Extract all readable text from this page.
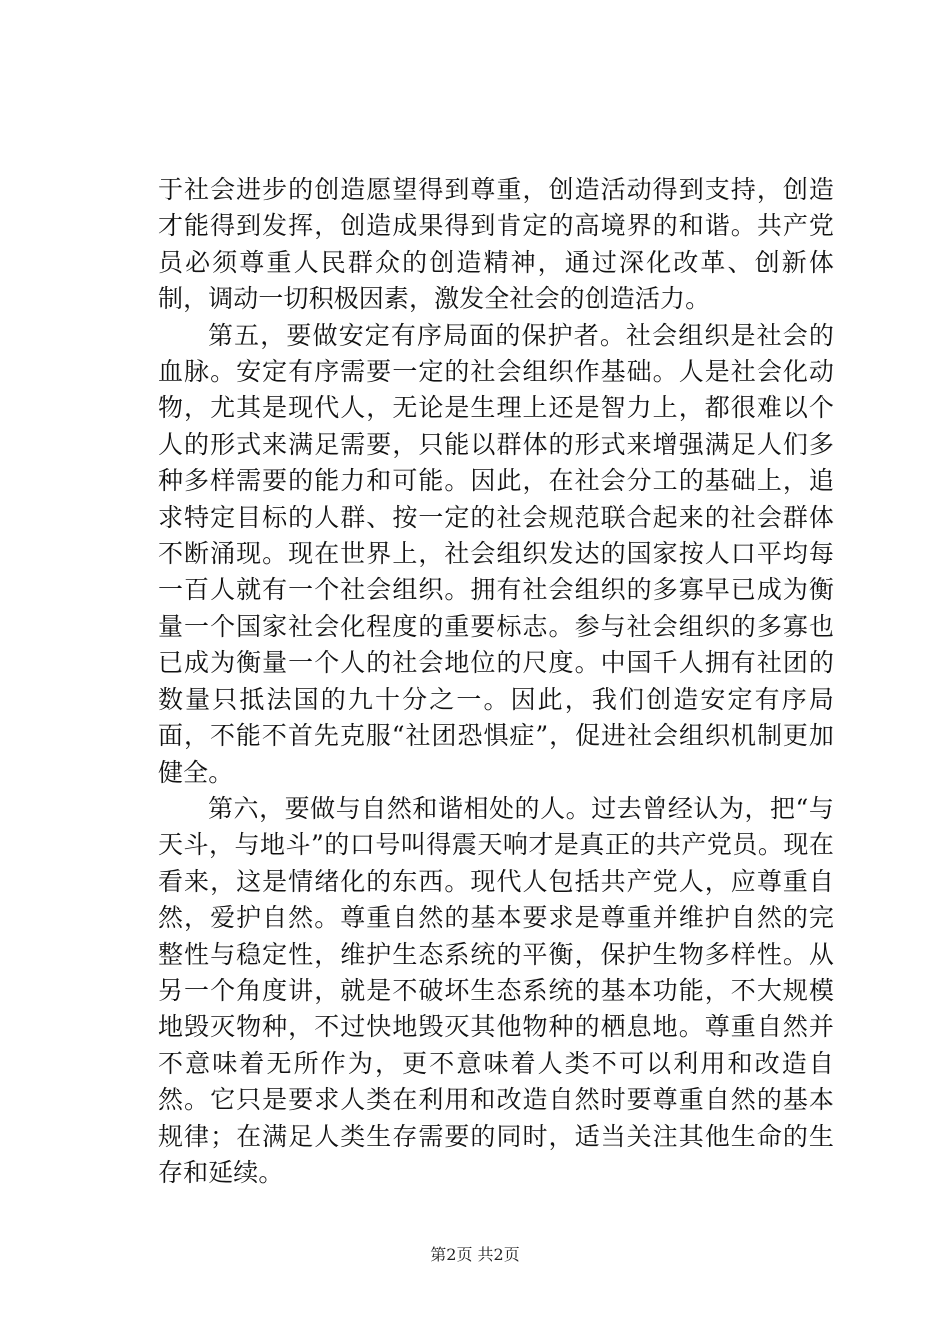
于社会进步的创造愿望得到尊重，创造活动得到支持，创造才能得到发挥，创造成果得到肯定的高境界的和谐。共产党员必须尊重人民群众的创造精神，通过深化改革、创新体制，调动一切积极因素，激发全社会的创造活力。

第五，要做安定有序局面的保护者。社会组织是社会的血脉。安定有序需要一定的社会组织作基础。人是社会化动物，尤其是现代人，无论是生理上还是智力上，都很难以个人的形式来满足需要，只能以群体的形式来增强满足人们多种多样需要的能力和可能。因此，在社会分工的基础上，追求特定目标的人群、按一定的社会规范联合起来的社会群体不断涌现。现在世界上，社会组织发达的国家按人口平均每一百人就有一个社会组织。拥有社会组织的多寡早已成为衡量一个国家社会化程度的重要标志。参与社会组织的多寡也已成为衡量一个人的社会地位的尺度。中国千人拥有社团的数量只抵法国的九十分之一。因此，我们创造安定有序局面，不能不首先克服“社团恐惧症”，促进社会组织机制更加健全。

第六，要做与自然和谐相处的人。过去曾经认为，把“与天斗，与地斗”的口号叫得震天响才是真正的共产党员。现在看来，这是情绪化的东西。现代人包括共产党人，应尊重自然，爱护自然。尊重自然的基本要求是尊重并维护自然的完整性与稳定性，维护生态系统的平衡，保护生物多样性。从另一个角度讲，就是不破坏生态系统的基本功能，不大规模地毁灭物种，不过快地毁灭其他物种的栖息地。尊重自然并不意味着无所作为，更不意味着人类不可以利用和改造自然。它只是要求人类在利用和改造自然时要尊重自然的基本规律；在满足人类生存需要的同时，适当关注其他生命的生存和延续。

第2页 共2页
